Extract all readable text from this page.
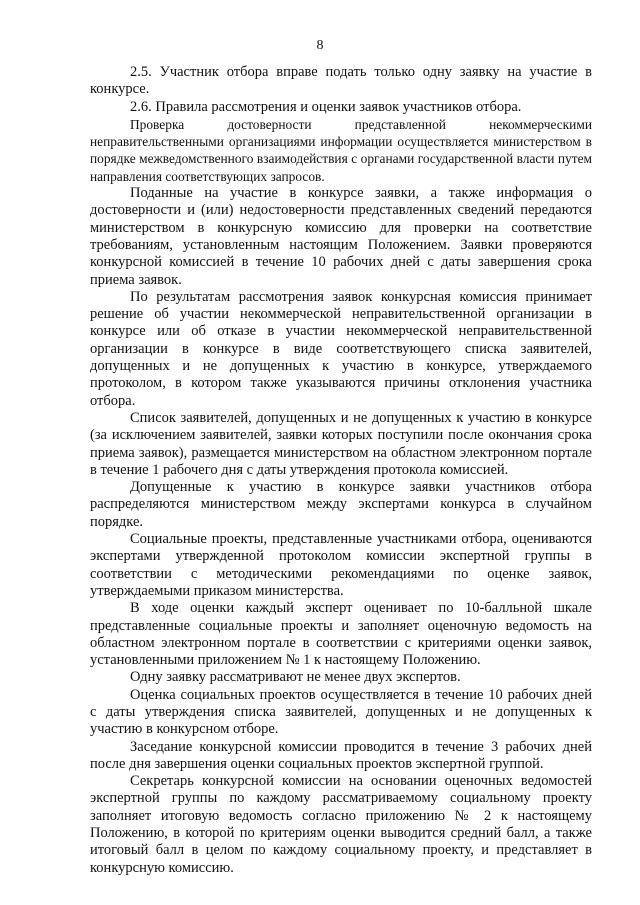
8

2.5. Участник отбора вправе подать только одну заявку на участие в конкурсе.

2.6. Правила рассмотрения и оценки заявок участников отбора.

Проверка достоверности представленной некоммерческими неправительственными организациями информации осуществляется министерством в порядке межведомственного взаимодействия с органами государственной власти путем направления соответствующих запросов.

Поданные на участие в конкурсе заявки, а также информация о достоверности и (или) недостоверности представленных сведений передаются министерством в конкурсную комиссию для проверки на соответствие требованиям, установленным настоящим Положением. Заявки проверяются конкурсной комиссией в течение 10 рабочих дней с даты завершения срока приема заявок.

По результатам рассмотрения заявок конкурсная комиссия принимает решение об участии некоммерческой неправительственной организации в конкурсе или об отказе в участии некоммерческой неправительственной организации в конкурсе в виде соответствующего списка заявителей, допущенных и не допущенных к участию в конкурсе, утверждаемого протоколом, в котором также указываются причины отклонения участника отбора.

Список заявителей, допущенных и не допущенных к участию в конкурсе (за исключением заявителей, заявки которых поступили после окончания срока приема заявок), размещается министерством на областном электронном портале в течение 1 рабочего дня с даты утверждения протокола комиссией.

Допущенные к участию в конкурсе заявки участников отбора распределяются министерством между экспертами конкурса в случайном порядке.

Социальные проекты, представленные участниками отбора, оцениваются экспертами утвержденной протоколом комиссии экспертной группы в соответствии с методическими рекомендациями по оценке заявок, утверждаемыми приказом министерства.

В ходе оценки каждый эксперт оценивает по 10-балльной шкале представленные социальные проекты и заполняет оценочную ведомость на областном электронном портале в соответствии с критериями оценки заявок, установленными приложением № 1 к настоящему Положению.

Одну заявку рассматривают не менее двух экспертов.

Оценка социальных проектов осуществляется в течение 10 рабочих дней с даты утверждения списка заявителей, допущенных и не допущенных к участию в конкурсном отборе.

Заседание конкурсной комиссии проводится в течение 3 рабочих дней после дня завершения оценки социальных проектов экспертной группой.

Секретарь конкурсной комиссии на основании оценочных ведомостей экспертной группы по каждому рассматриваемому социальному проекту заполняет итоговую ведомость согласно приложению № 2 к настоящему Положению, в которой по критериям оценки выводится средний балл, а также итоговый балл в целом по каждому социальному проекту, и представляет в конкурсную комиссию.
